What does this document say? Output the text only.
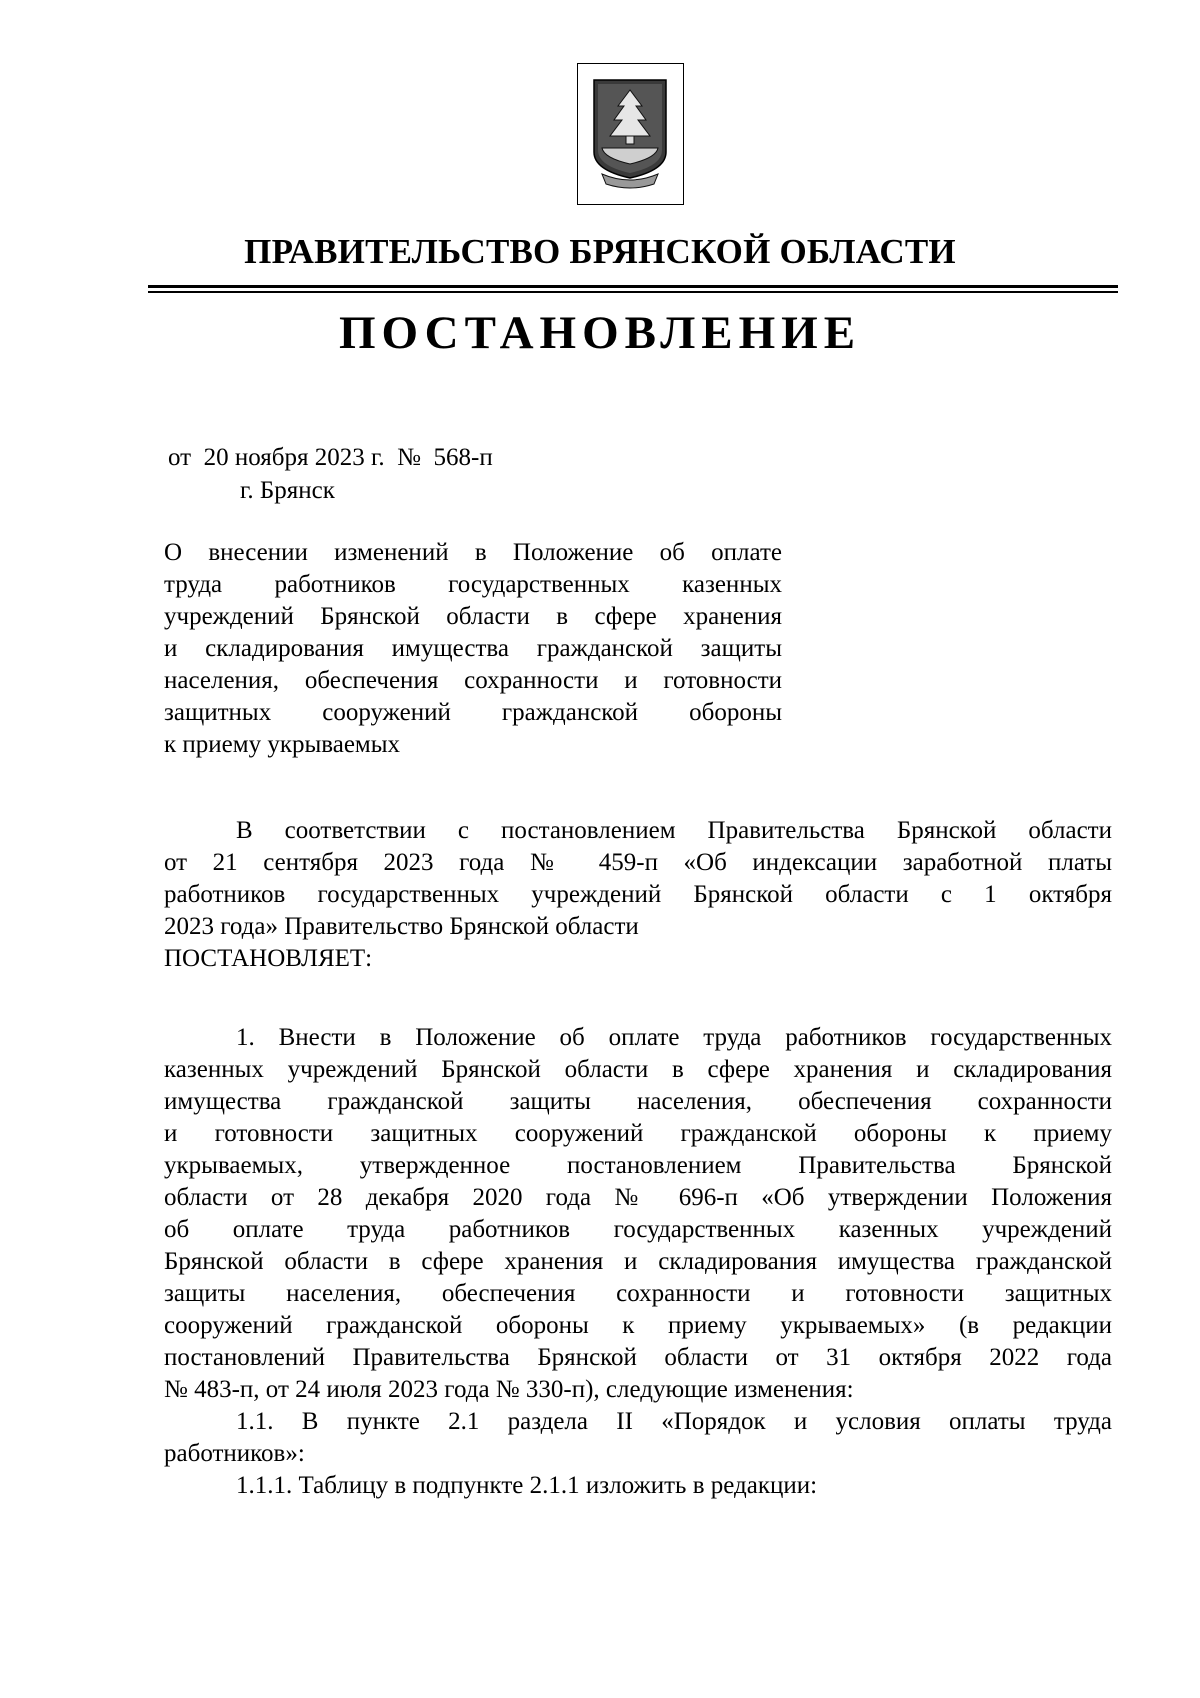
ПРАВИТЕЛЬСТВО БРЯНСКОЙ ОБЛАСТИ
ПОСТАНОВЛЕНИЕ
от  20 ноября 2023 г.  №  568-п
г. Брянск
О внесении изменений в Положение об оплате
труда работников государственных казенных
учреждений Брянской области в сфере хранения
и складирования имущества гражданской защиты
населения, обеспечения сохранности и готовности
защитных сооружений гражданской обороны
к приему укрываемых
В соответствии с постановлением Правительства Брянской области
от 21 сентября 2023 года № 459-п «Об индексации заработной платы
работников государственных учреждений Брянской области с 1 октября
2023 года» Правительство Брянской области
ПОСТАНОВЛЯЕТ:
1. Внести в Положение об оплате труда работников государственных
казенных учреждений Брянской области в сфере хранения и складирования
имущества гражданской защиты населения, обеспечения сохранности
и готовности защитных сооружений гражданской обороны к приему
укрываемых, утвержденное постановлением Правительства Брянской
области от 28 декабря 2020 года № 696-п «Об утверждении Положения
об оплате труда работников государственных казенных учреждений
Брянской области в сфере хранения и складирования имущества гражданской
защиты населения, обеспечения сохранности и готовности защитных
сооружений гражданской обороны к приему укрываемых» (в редакции
постановлений Правительства Брянской области от 31 октября 2022 года
№ 483-п, от 24 июля 2023 года № 330-п), следующие изменения:
1.1. В пункте 2.1 раздела II «Порядок и условия оплаты труда
работников»:
1.1.1. Таблицу в подпункте 2.1.1 изложить в редакции:
